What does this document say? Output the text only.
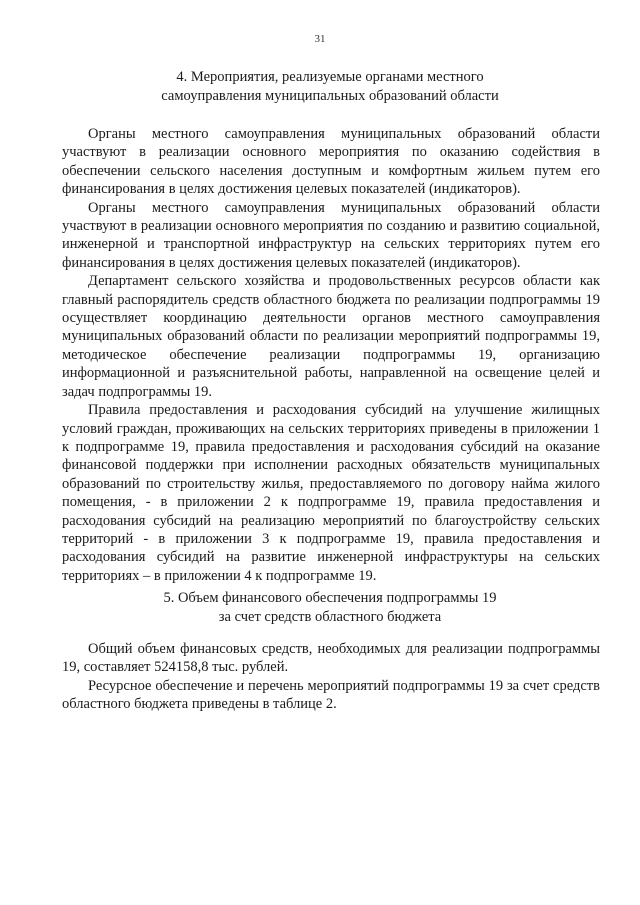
31
4. Мероприятия, реализуемые органами местного
самоуправления муниципальных образований области

Органы местного самоуправления муниципальных образований области участвуют в реализации основного мероприятия по оказанию содействия в обеспечении сельского населения доступным и комфортным жильем путем его финансирования в целях достижения целевых показателей (индикаторов).

Органы местного самоуправления муниципальных образований области участвуют в реализации основного мероприятия по созданию и развитию социальной, инженерной и транспортной инфраструктур на сельских территориях путем его финансирования в целях достижения целевых показателей (индикаторов).

Департамент сельского хозяйства и продовольственных ресурсов области как главный распорядитель средств областного бюджета по реализации подпрограммы 19 осуществляет координацию деятельности органов местного самоуправления муниципальных образований области по реализации мероприятий подпрограммы 19, методическое обеспечение реализации подпрограммы 19, организацию информационной и разъяснительной работы, направленной на освещение целей и задач подпрограммы 19.

Правила предоставления и расходования субсидий на улучшение жилищных условий граждан, проживающих на сельских территориях приведены в приложении 1 к подпрограмме 19, правила предоставления и расходования субсидий на оказание финансовой поддержки при исполнении расходных обязательств муниципальных образований по строительству жилья, предоставляемого по договору найма жилого помещения, - в приложении 2 к подпрограмме 19, правила предоставления и расходования субсидий на реализацию мероприятий по благоустройству сельских территорий - в приложении 3 к подпрограмме 19, правила предоставления и расходования субсидий на развитие инженерной инфраструктуры на сельских территориях – в приложении 4 к подпрограмме 19.

5. Объем финансового обеспечения подпрограммы 19
за счет средств областного бюджета

Общий объем финансовых средств, необходимых для реализации подпрограммы 19, составляет 524158,8 тыс. рублей.

Ресурсное обеспечение и перечень мероприятий подпрограммы 19 за счет средств областного бюджета приведены в таблице 2.
